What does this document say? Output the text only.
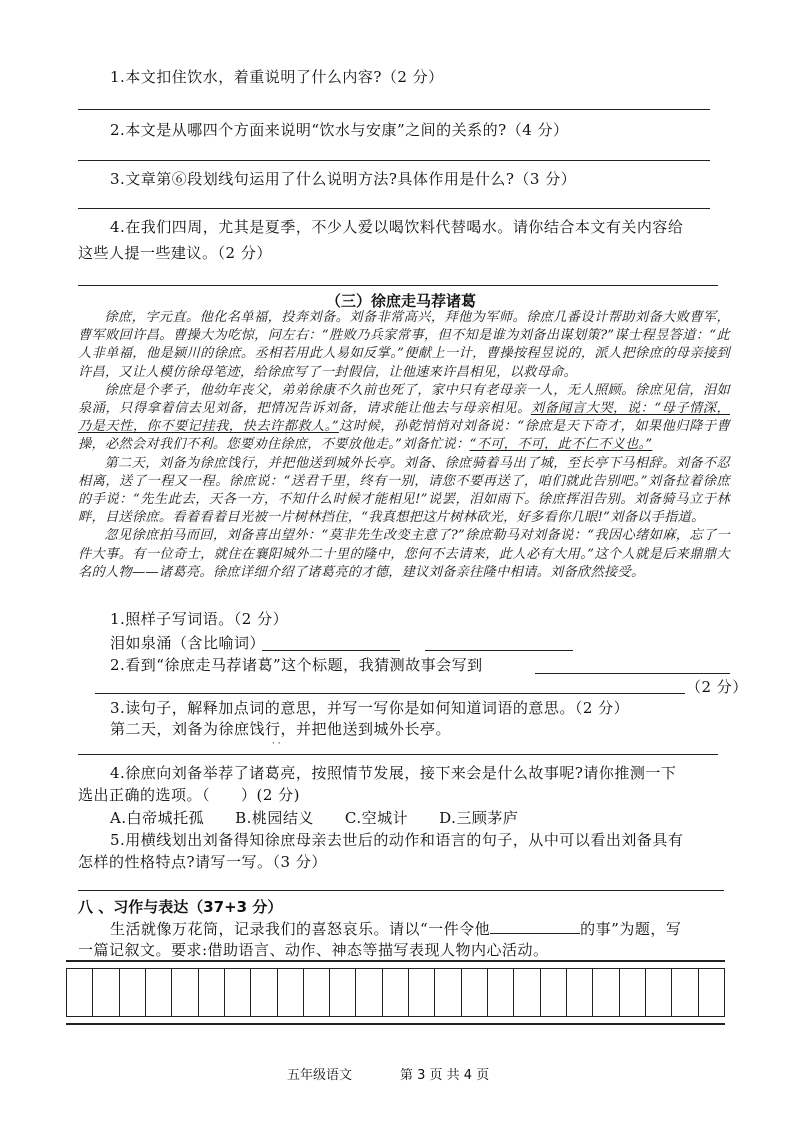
1.本文扣住饮水，着重说明了什么内容?（2 分）
2.本文是从哪四个方面来说明“饮水与安康”之间的关系的?（4 分）
3.文章第⑥段划线句运用了什么说明方法?具体作用是什么?（3 分）
4.在我们四周，尤其是夏季，不少人爱以喝饮料代替喝水。请你结合本文有关内容给
这些人提一些建议。（2 分）
（三）徐庶走马荐诸葛

徐庶，字元直。他化名单福，投奔刘备。刘备非常高兴，拜他为军师。徐庶几番设计帮助刘备大败曹军，曹军败回许昌。曹操大为吃惊，问左右：“胜败乃兵家常事，但不知是谁为刘备出谋划策?”谋士程昱答道：“此人非单福，他是颍川的徐庶。丞相若用此人易如反掌。”便献上一计，曹操按程昱说的，派人把徐庶的母亲接到许昌，又让人模仿徐母笔迹，给徐庶写了一封假信，让他速来许昌相见，以救母命。

徐庶是个孝子，他幼年丧父，弟弟徐康不久前也死了，家中只有老母亲一人，无人照顾。徐庶见信，泪如泉涌，只得拿着信去见刘备，把情况告诉刘备，请求能让他去与母亲相见。刘备闻言大哭，说：“母子情深，乃是天性，你不要记挂我，快去许都救人。”这时候，孙乾悄悄对刘备说：“徐庶是天下奇才，如果他归降于曹操，必然会对我们不利。您要劝住徐庶，不要放他走。”刘备忙说：“不可，不可，此不仁不义也。”

第二天，刘备为徐庶饯行，并把他送到城外长亭。刘备、徐庶骑着马出了城，至长亭下马相辞。刘备不忍相离，送了一程又一程。徐庶说：“送君千里，终有一别，请您不要再送了，咱们就此告别吧。”刘备拉着徐庶的手说：“先生此去，天各一方，不知什么时候才能相见!”说罢，泪如雨下。徐庶挥泪告别。刘备骑马立于林畔，目送徐庶。看着看着目光被一片树林挡住，“我真想把这片树林砍光，好多看你几眼!”刘备以手指道。

忽见徐庶拍马而回，刘备喜出望外：“莫非先生改变主意了?”徐庶勒马对刘备说：“我因心绪如麻，忘了一件大事。有一位奇士，就住在襄阳城外二十里的隆中，您何不去请来，此人必有大用。”这个人就是后来鼎鼎大名的人物——诸葛亮。徐庶详细介绍了诸葛亮的才德，建议刘备亲往隆中相请。刘备欣然接受。

1.照样子写词语。（2 分）
泪如泉涌（含比喻词）
2.看到“徐庶走马荐诸葛”这个标题，我猜测故事会写到
（2 分）
3.读句子，解释加点词的意思，并写一写你是如何知道词语的意思。（2 分）
第二天，刘备为徐庶饯行，并把他送到城外长亭。
· ·
4.徐庶向刘备举荐了诸葛亮，按照情节发展，接下来会是什么故事呢?请你推测一下
选出正确的选项。（　　）(2 分)
A.白帝城托孤　　B.桃园结义　　C.空城计　　D.三顾茅庐
5.用横线划出刘备得知徐庶母亲去世后的动作和语言的句子，从中可以看出刘备具有
怎样的性格特点?请写一写。（3 分）
八 、习作与表达（37+3 分）
生活就像万花筒，记录我们的喜怒哀乐。请以“一件令他	的事”为题，写
一篇记叙文。要求:借助语言、动作、神态等描写表现人物内心活动。
五年级语文	第 3 页 共 4 页
